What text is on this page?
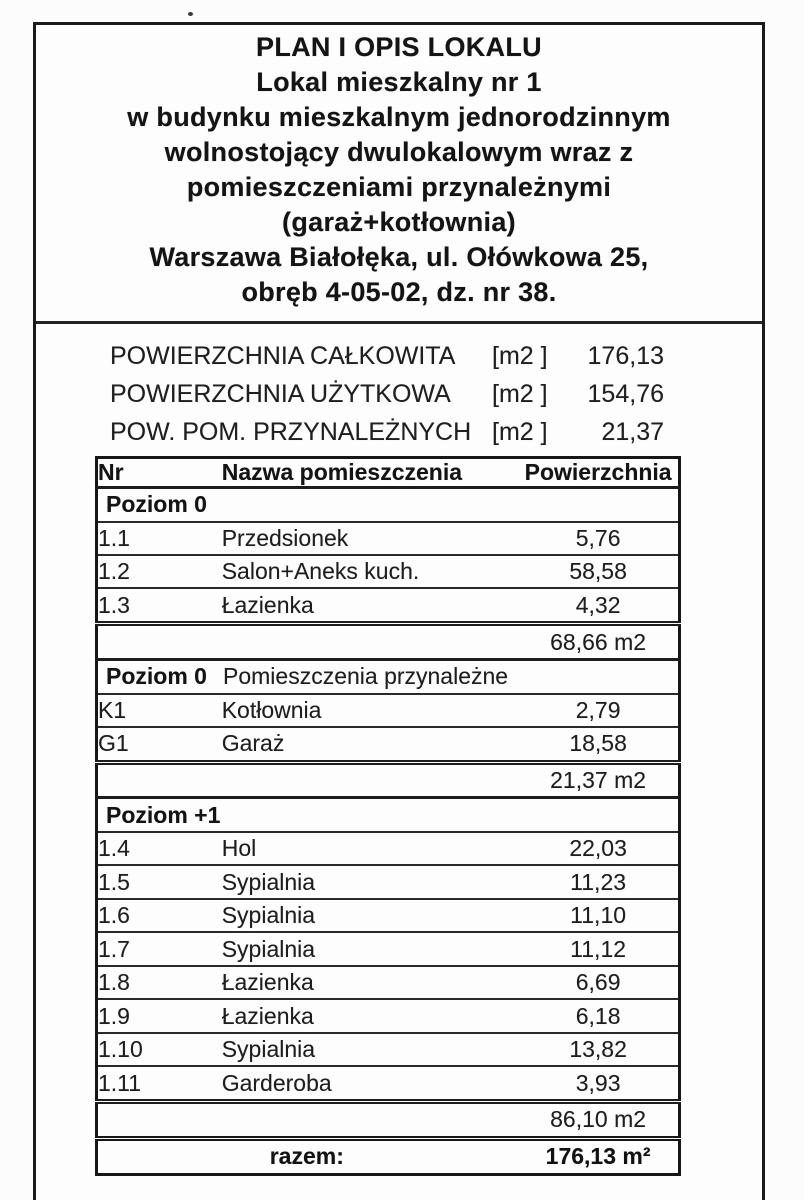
PLAN I OPIS LOKALU
Lokal mieszkalny nr 1
w budynku mieszkalnym jednorodzinnym
wolnostojący dwulokalowym wraz z
pomieszczeniami przynależnymi
(garaż+kotłownia)
Warszawa Białołęka, ul. Ołówkowa 25,
obręb 4-05-02, dz. nr 38.
POWIERZCHNIA CAŁKOWITA	[m2 ]	176,13
POWIERZCHNIA UŻYTKOWA	[m2 ]	154,76
POW. POM. PRZYNALEŻNYCH [m2 ]	21,37
Nr	Nazwa pomieszczenia	Powierzchnia
Poziom 0		
1.1	Przedsionek	5,76
1.2	Salon+Aneks kuch.	58,58
1.3	Łazienka	4,32
		68,66 m2
Poziom 0 Pomieszczenia przynależne		
K1	Kotłownia	2,79
G1	Garaż	18,58
		21,37 m2
Poziom +1		
1.4	Hol	22,03
1.5	Sypialnia	11,23
1.6	Sypialnia	11,10
1.7	Sypialnia	11,12
1.8	Łazienka	6,69
1.9	Łazienka	6,18
1.10	Sypialnia	13,82
1.11	Garderoba	3,93
		86,10 m2
	razem:	176,13 m²
